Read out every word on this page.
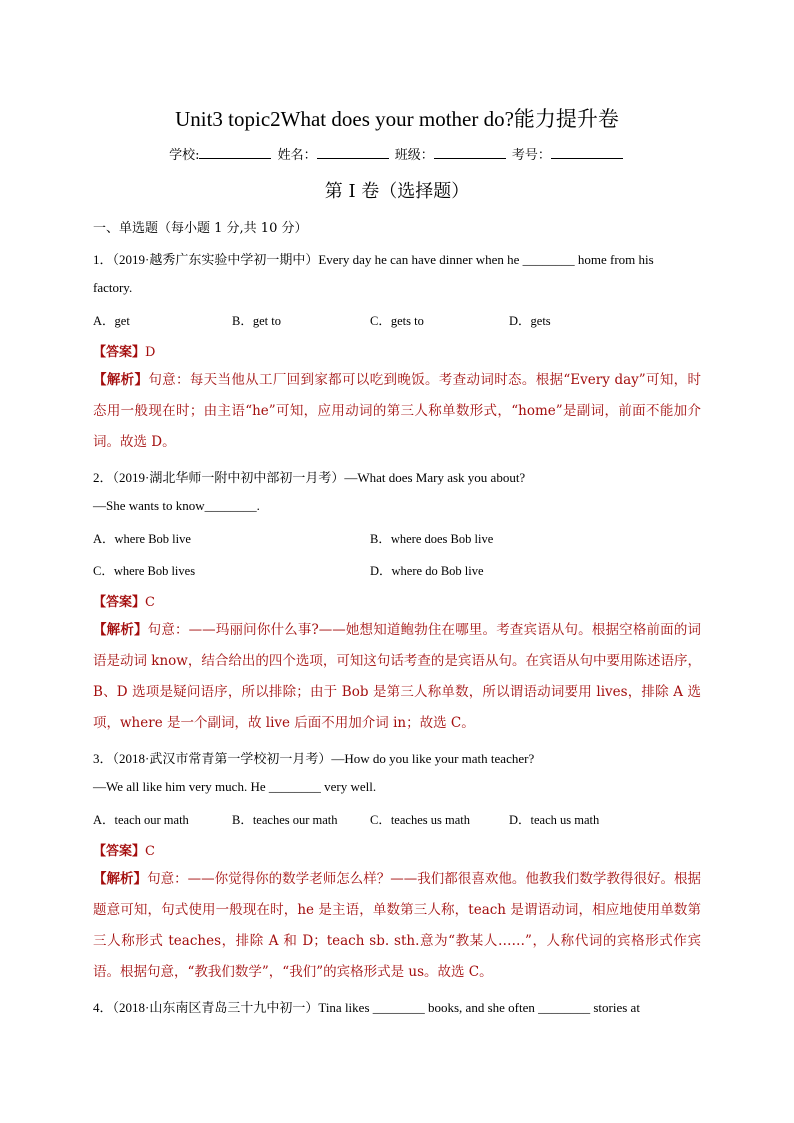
Unit3 topic2What does your mother do?能力提升卷
学校:	姓名：	班级：	考号：
第 I 卷（选择题）
一、单选题（每小题 1 分,共 10 分）
1．（2019·越秀广东实验中学初一期中）Every day he can have dinner when he ________ home from his
factory.
A．get	B．get to	C．gets to	D．gets
【答案】D
【解析】句意：每天当他从工厂回到家都可以吃到晚饭。考查动词时态。根据“Every day”可知，时态用一般现在时；由主语“he”可知，应用动词的第三人称单数形式，“home”是副词，前面不能加介词。故选 D。
2．（2019·湖北华师一附中初中部初一月考）—What does Mary ask you about?
—She wants to know________.
A．where Bob live	B．where does Bob live
C．where Bob lives	D．where do Bob live
【答案】C
【解析】句意：——玛丽问你什么事?——她想知道鲍勃住在哪里。考查宾语从句。根据空格前面的词语是动词 know，结合给出的四个选项，可知这句话考查的是宾语从句。在宾语从句中要用陈述语序，B、D 选项是疑问语序，所以排除；由于 Bob 是第三人称单数，所以谓语动词要用 lives，排除 A 选项，where 是一个副词，故 live 后面不用加介词 in；故选 C。
3．（2018·武汉市常青第一学校初一月考）—How do you like your math teacher?
—We all like him very much. He ________ very well.
A．teach our math	B．teaches our math	C．teaches us math	D．teach us math
【答案】C
【解析】句意：——你觉得你的数学老师怎么样？——我们都很喜欢他。他教我们数学教得很好。根据题意可知，句式使用一般现在时，he 是主语，单数第三人称，teach 是谓语动词，相应地使用单数第三人称形式 teaches，排除 A 和 D；teach sb. sth.意为“教某人……”，人称代词的宾格形式作宾语。根据句意，“教我们数学”，“我们”的宾格形式是 us。故选 C。
4．（2018·山东南区青岛三十九中初一）Tina likes ________ books, and she often ________ stories at
